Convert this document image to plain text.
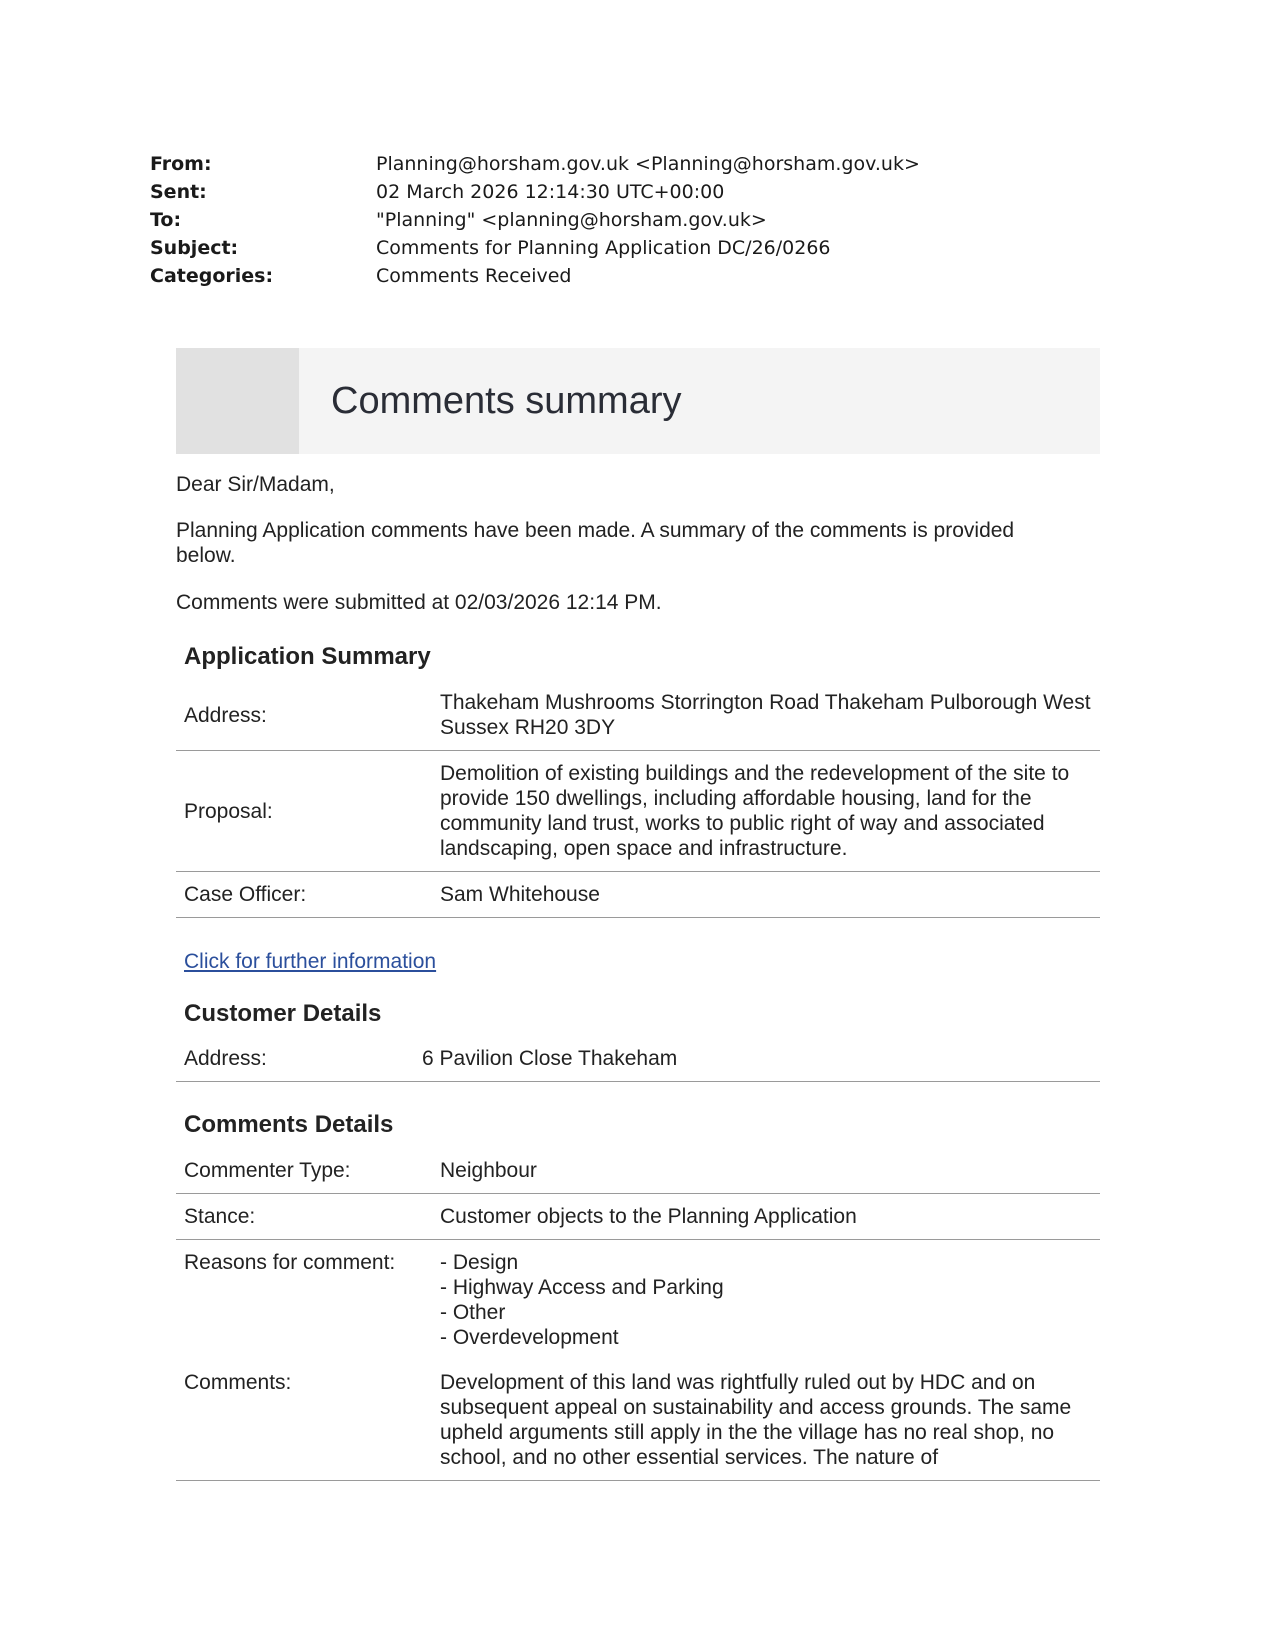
From:	Planning@horsham.gov.uk <Planning@horsham.gov.uk>
Sent:	02 March 2026 12:14:30 UTC+00:00
To:	"Planning" <planning@horsham.gov.uk>
Subject:	Comments for Planning Application DC/26/0266
Categories:	Comments Received
Comments summary
Dear Sir/Madam,
Planning Application comments have been made. A summary of the comments is provided below.
Comments were submitted at 02/03/2026 12:14 PM.
Application Summary
Address:	Thakeham Mushrooms Storrington Road Thakeham Pulborough West Sussex RH20 3DY
Proposal:	Demolition of existing buildings and the redevelopment of the site to provide 150 dwellings, including affordable housing, land for the community land trust, works to public right of way and associated landscaping, open space and infrastructure.
Case Officer:	Sam Whitehouse
Click for further information
Customer Details
Address:	6 Pavilion Close Thakeham
Comments Details
Commenter Type:	Neighbour
Stance:	Customer objects to the Planning Application
Reasons for comment:	- Design
- Highway Access and Parking
- Other
- Overdevelopment

Comments:	Development of this land was rightfully ruled out by HDC and on subsequent appeal on sustainability and access grounds. The same upheld arguments still apply in the the village has no real shop, no school, and no other essential services. The nature of
